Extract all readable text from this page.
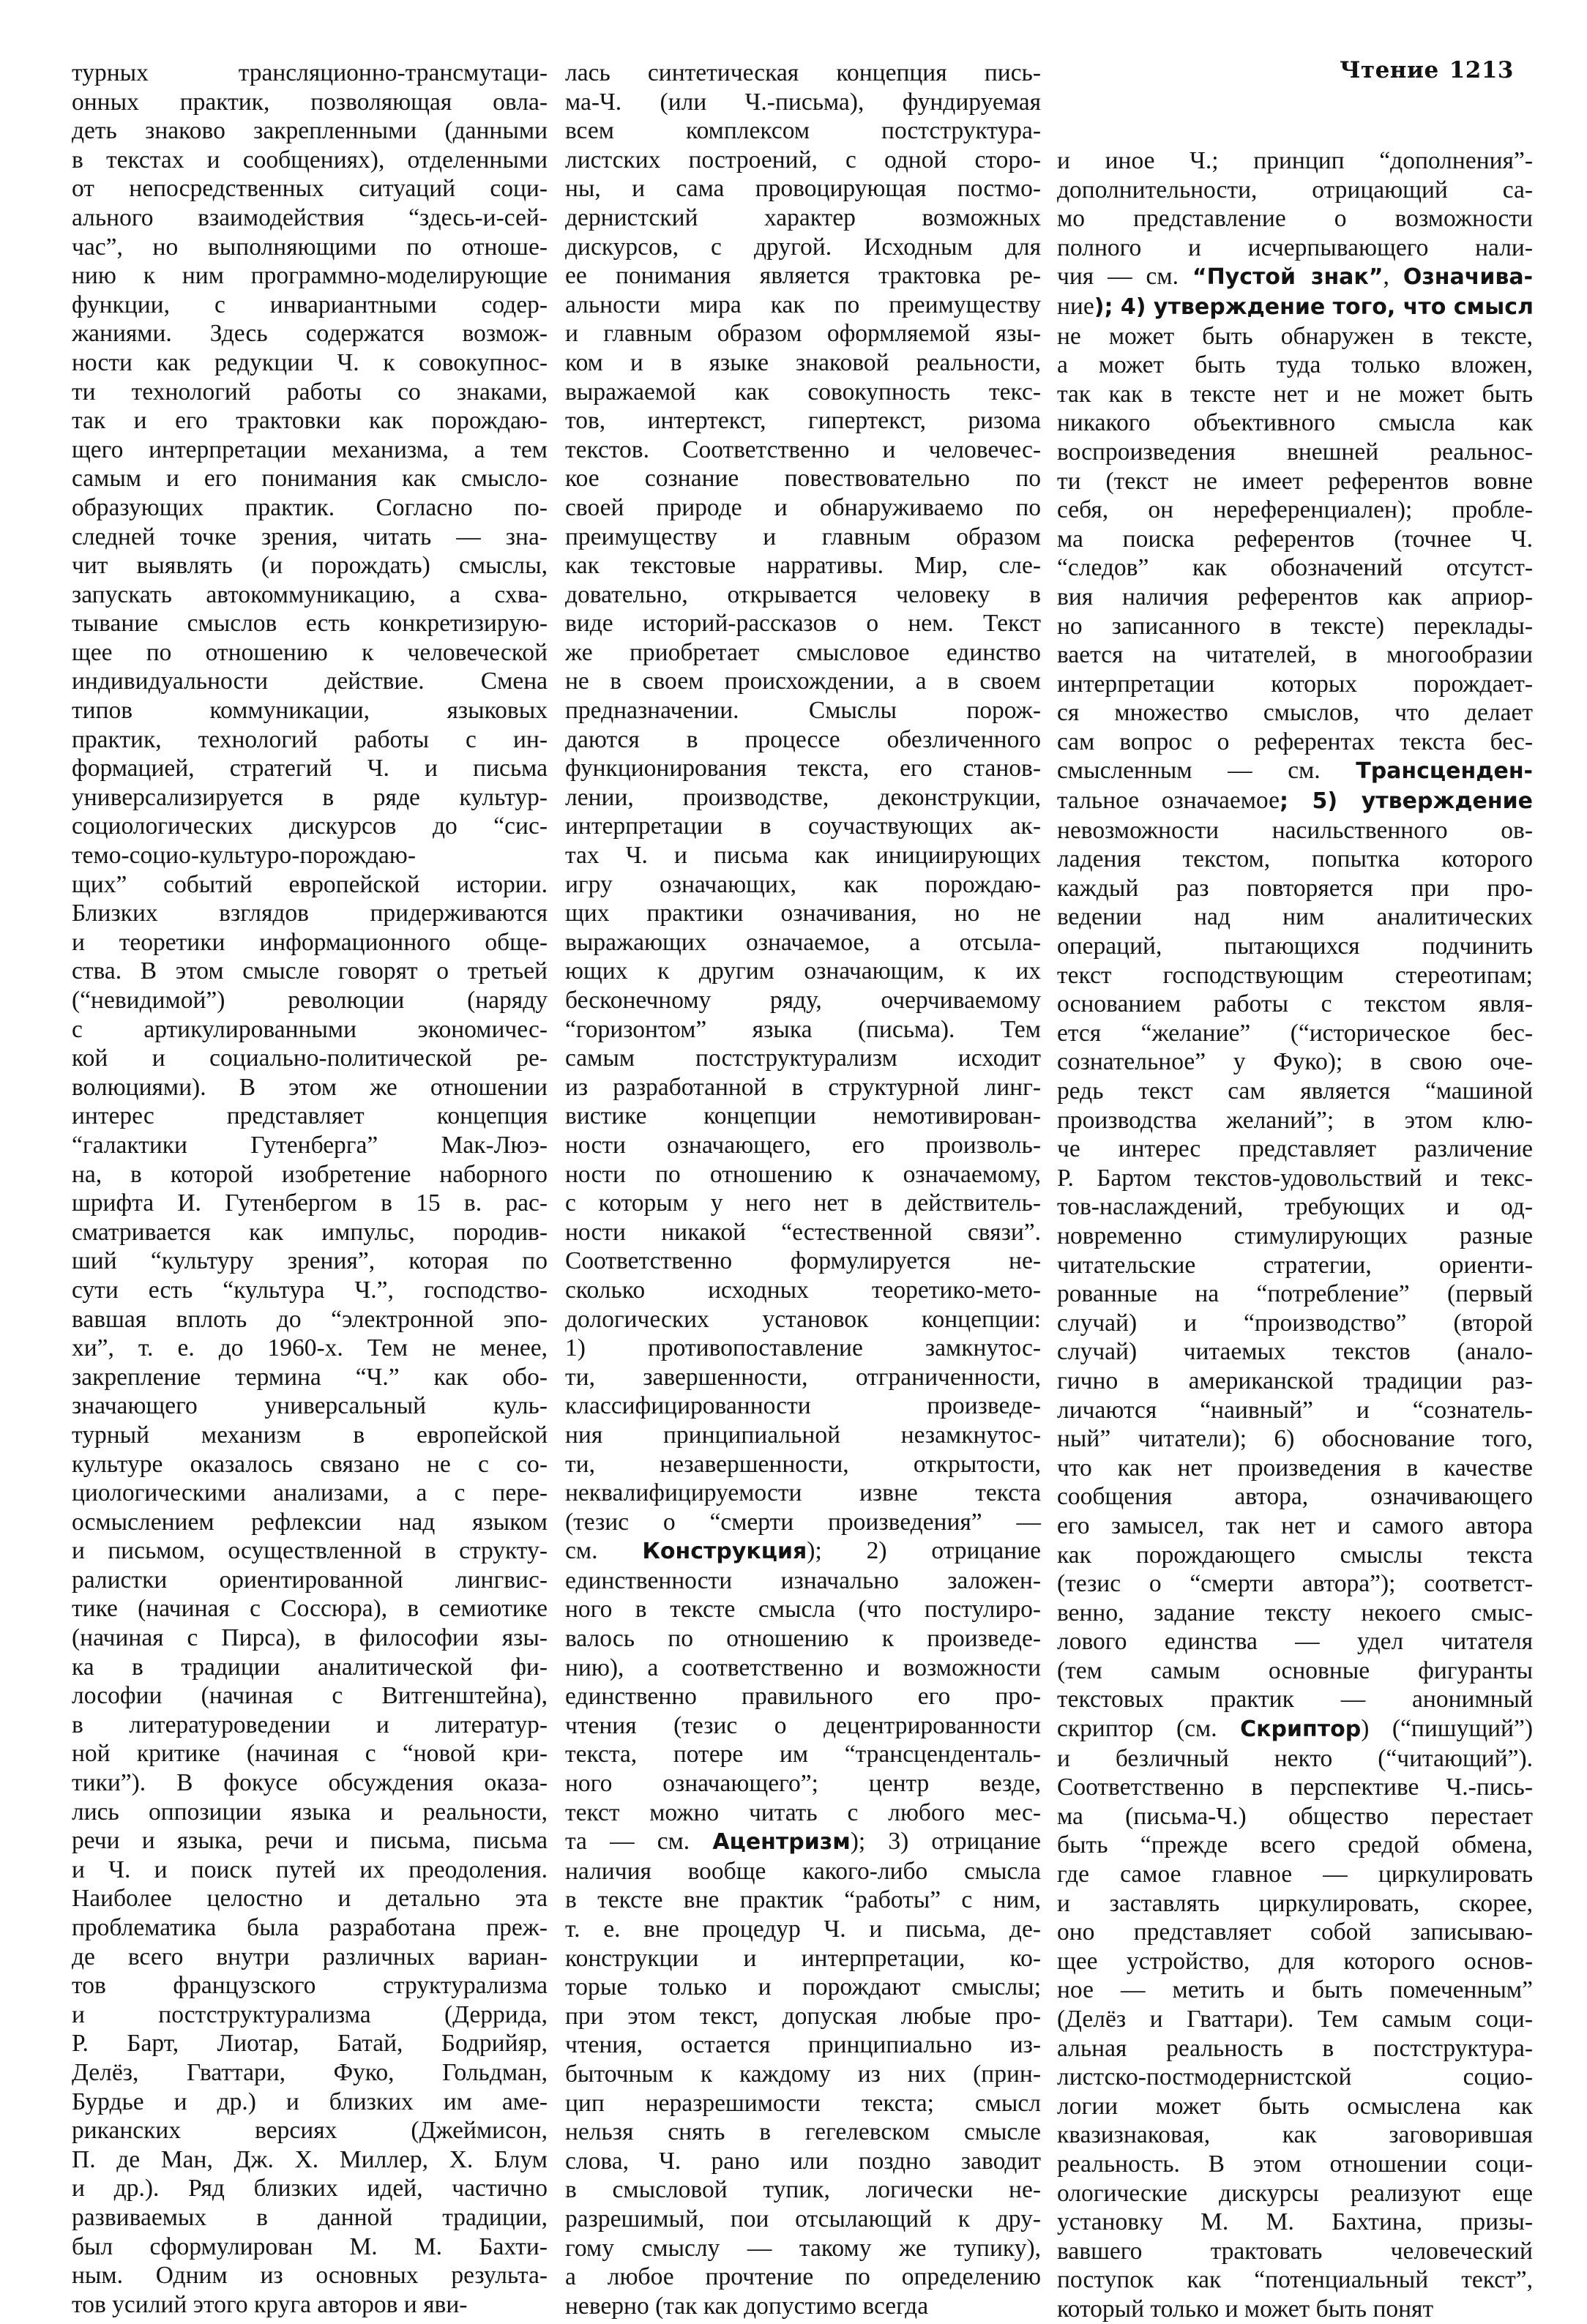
Чтение 1213
турных трансляционно-трансмутаци-
онных практик, позволяющая овла-
деть знаково закрепленными (данными
в текстах и сообщениях), отделенными
от непосредственных ситуаций соци-
ального взаимодействия “здесь-и-сей-
час”, но выполняющими по отноше-
нию к ним программно-моделирующие
функции, с инвариантными содер-
жаниями. Здесь содержатся возмож-
ности как редукции Ч. к совокупнос-
ти технологий работы со знаками,
так и его трактовки как порождаю-
щего интерпретации механизма, а тем
самым и его понимания как смысло-
образующих практик. Согласно по-
следней точке зрения, читать — зна-
чит выявлять (и порождать) смыслы,
запускать автокоммуникацию, а схва-
тывание смыслов есть конкретизирую-
щее по отношению к человеческой
индивидуальности действие. Смена
типов коммуникации, языковых
практик, технологий работы с ин-
формацией, стратегий Ч. и письма
универсализируется в ряде культур-
социологических дискурсов до “сис-
темо-социо-культуро-порождаю-
щих” событий европейской истории.
Близких взглядов придерживаются
и теоретики информационного обще-
ства. В этом смысле говорят о третьей
(“невидимой”) революции (наряду
с артикулированными экономичес-
кой и социально-политической ре-
волюциями). В этом же отношении
интерес представляет концепция
“галактики Гутенберга” Мак-Люэ-
на, в которой изобретение наборного
шрифта И. Гутенбергом в 15 в. рас-
сматривается как импульс, породив-
ший “культуру зрения”, которая по
сути есть “культура Ч.”, господство-
вавшая вплоть до “электронной эпо-
хи”, т. е. до 1960-х. Тем не менее,
закрепление термина “Ч.” как обо-
значающего универсальный куль-
турный механизм в европейской
культуре оказалось связано не с со-
циологическими анализами, а с пере-
осмыслением рефлексии над языком
и письмом, осуществленной в структу-
ралистки ориентированной лингвис-
тике (начиная с Соссюра), в семиотике
(начиная с Пирса), в философии язы-
ка в традиции аналитической фи-
лософии (начиная с Витгенштейна),
в литературоведении и литератур-
ной критике (начиная с “новой кри-
тики”). В фокусе обсуждения оказа-
лись оппозиции языка и реальности,
речи и языка, речи и письма, письма
и Ч. и поиск путей их преодоления.
Наиболее целостно и детально эта
проблематика была разработана преж-
де всего внутри различных вариан-
тов французского структурализма
и постструктурализма (Деррида,
Р. Барт, Лиотар, Батай, Бодрийяр,
Делёз, Гваттари, Фуко, Гольдман,
Бурдье и др.) и близких им аме-
риканских версиях (Джеймисон,
П. де Ман, Дж. Х. Миллер, Х. Блум
и др.). Ряд близких идей, частично
развиваемых в данной традиции,
был сформулирован М. М. Бахти-
ным. Одним из основных результа-
тов усилий этого круга авторов и яви-
лась синтетическая концепция пись-
ма-Ч. (или Ч.-письма), фундируемая
всем комплексом постструктура-
листских построений, с одной сторо-
ны, и сама провоцирующая постмо-
дернистский характер возможных
дискурсов, с другой. Исходным для
ее понимания является трактовка ре-
альности мира как по преимуществу
и главным образом оформляемой язы-
ком и в языке знаковой реальности,
выражаемой как совокупность текс-
тов, интертекст, гипертекст, ризома
текстов. Соответственно и человечес-
кое сознание повествовательно по
своей природе и обнаруживаемо по
преимуществу и главным образом
как текстовые нарративы. Мир, сле-
довательно, открывается человеку в
виде историй-рассказов о нем. Текст
же приобретает смысловое единство
не в своем происхождении, а в своем
предназначении. Смыслы порож-
даются в процессе обезличенного
функционирования текста, его станов-
лении, производстве, деконструкции,
интерпретации в соучаствующих ак-
тах Ч. и письма как инициирующих
игру означающих, как порождаю-
щих практики означивания, но не
выражающих означаемое, а отсыла-
ющих к другим означающим, к их
бесконечному ряду, очерчиваемому
“горизонтом” языка (письма). Тем
самым постструктурализм исходит
из разработанной в структурной линг-
вистике концепции немотивирован-
ности означающего, его произволь-
ности по отношению к означаемому,
с которым у него нет в действитель-
ности никакой “естественной связи”.
Соответственно формулируется не-
сколько исходных теоретико-мето-
дологических установок концепции:
1) противопоставление замкнутос-
ти, завершенности, отграниченности,
классифицированности произведе-
ния принципиальной незамкнутос-
ти, незавершенности, открытости,
неквалифицируемости извне текста
(тезис о “смерти произведения” —
см. Конструкция); 2) отрицание
единственности изначально заложен-
ного в тексте смысла (что постулиро-
валось по отношению к произведе-
нию), а соответственно и возможности
единственно правильного его про-
чтения (тезис о децентрированности
текста, потере им “трансценденталь-
ного означающего”; центр везде,
текст можно читать с любого мес-
та — см. Ацентризм); 3) отрицание
наличия вообще какого-либо смысла
в тексте вне практик “работы” с ним,
т. е. вне процедур Ч. и письма, де-
конструкции и интерпретации, ко-
торые только и порождают смыслы;
при этом текст, допуская любые про-
чтения, остается принципиально из-
быточным к каждому из них (прин-
цип неразрешимости текста; смысл
нельзя снять в гегелевском смысле
слова, Ч. рано или поздно заводит
в смысловой тупик, логически не-
разрешимый, пои отсылающий к дру-
гому смыслу — такому же тупику),
а любое прочтение по определению
неверно (так как допустимо всегда
и иное Ч.; принцип “дополнения”-
дополнительности, отрицающий са-
мо представление о возможности
полного и исчерпывающего нали-
чия — см. “Пустой знак”, Означива-
ние); 4) утверждение того, что смысл
не может быть обнаружен в тексте,
а может быть туда только вложен,
так как в тексте нет и не может быть
никакого объективного смысла как
воспроизведения внешней реальнос-
ти (текст не имеет референтов вовне
себя, он нереференциален); пробле-
ма поиска референтов (точнее Ч.
“следов” как обозначений отсутст-
вия наличия референтов как априор-
но записанного в тексте) переклады-
вается на читателей, в многообразии
интерпретации которых порождает-
ся множество смыслов, что делает
сам вопрос о референтах текста бес-
смысленным — см. Трансценден-
тальное означаемое; 5) утверждение
невозможности насильственного ов-
ладения текстом, попытка которого
каждый раз повторяется при про-
ведении над ним аналитических
операций, пытающихся подчинить
текст господствующим стереотипам;
основанием работы с текстом явля-
ется “желание” (“историческое бес-
сознательное” у Фуко); в свою оче-
редь текст сам является “машиной
производства желаний”; в этом клю-
че интерес представляет различение
Р. Бартом текстов-удовольствий и текс-
тов-наслаждений, требующих и од-
новременно стимулирующих разные
читательские стратегии, ориенти-
рованные на “потребление” (первый
случай) и “производство” (второй
случай) читаемых текстов (анало-
гично в американской традиции раз-
личаются “наивный” и “сознатель-
ный” читатели); 6) обоснование того,
что как нет произведения в качестве
сообщения автора, означивающего
его замысел, так нет и самого автора
как порождающего смыслы текста
(тезис о “смерти автора”); соответст-
венно, задание тексту некоего смыс-
лового единства — удел читателя
(тем самым основные фигуранты
текстовых практик — анонимный
скриптор (см. Скриптор) (“пишущий”)
и безличный некто (“читающий”).
Соответственно в перспективе Ч.-пись-
ма (письма-Ч.) общество перестает
быть “прежде всего средой обмена,
где самое главное — циркулировать
и заставлять циркулировать, скорее,
оно представляет собой записываю-
щее устройство, для которого основ-
ное — метить и быть помеченным”
(Делёз и Гваттари). Тем самым соци-
альная реальность в постструктура-
листско-постмодернистской социо-
логии может быть осмыслена как
квазизнаковая, как заговорившая
реальность. В этом отношении соци-
ологические дискурсы реализуют еще
установку М. М. Бахтина, призы-
вавшего трактовать человеческий
поступок как “потенциальный текст”,
который только и может быть понят
